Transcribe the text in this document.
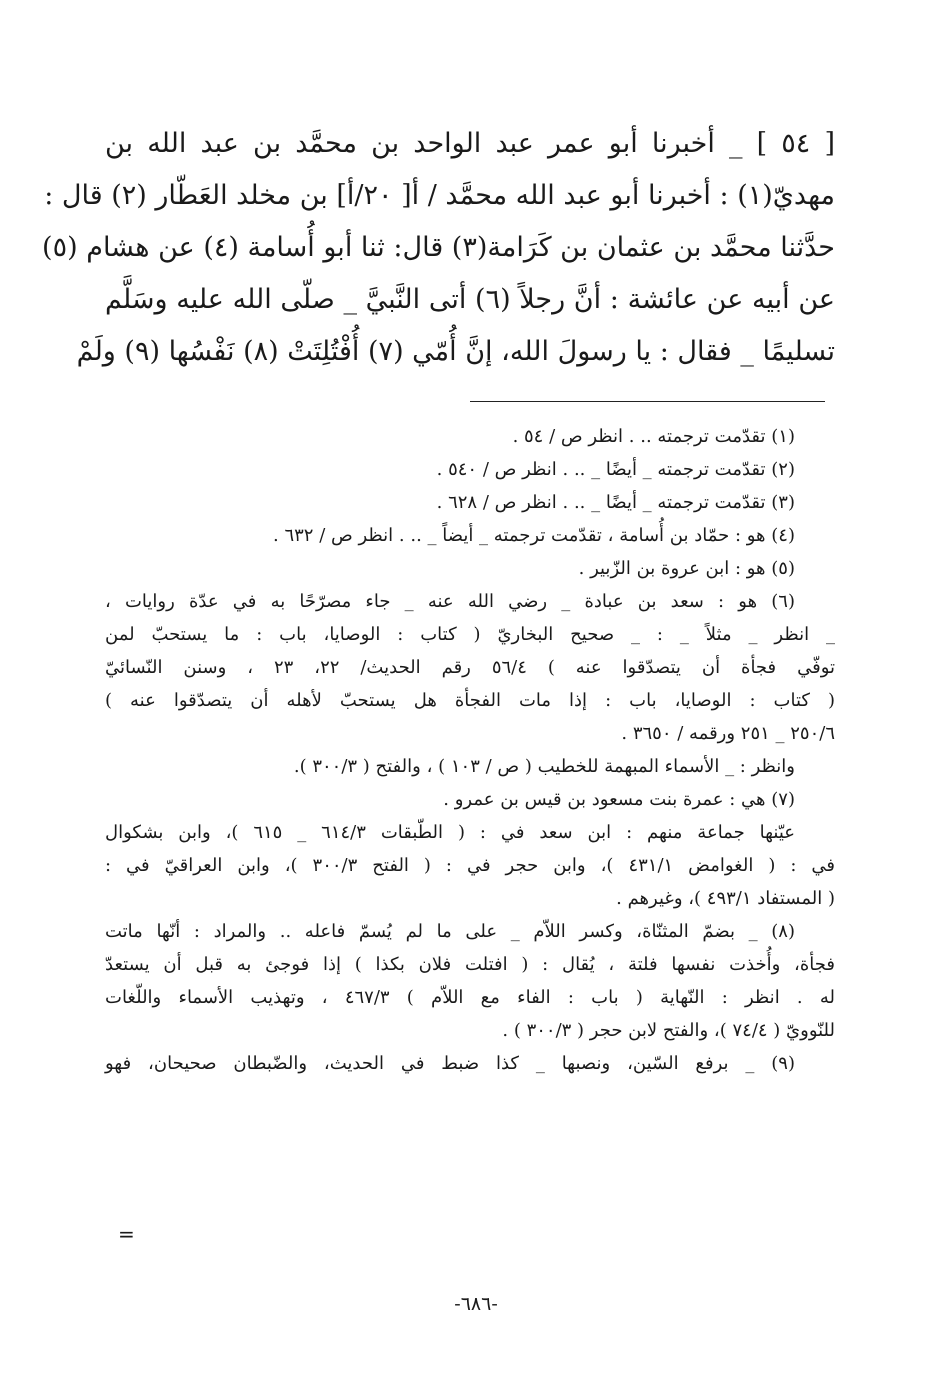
[ ٥٤ ] _ أخبرنا أبو عمر عبد الواحد بن محمَّد بن عبد الله بن
مهديّ(١) : أخبرنا أبو عبد الله محمَّد / أ[ ٢٠/أ] بن مخلد العَطّار (٢) قال :
حدَّثنا محمَّد بن عثمان بن كَرَامة(٣) قال: ثنا أبو أُسامة (٤) عن هشام (٥)
عن أبيه عن عائشة : أنَّ رجلاً (٦) أتى النَّبيَّ _ صلّى الله عليه وسَلَّم
تسليمًا _ فقال : يا رسولَ الله، إنَّ أُمّي (٧) أُفْتُلِتَتْ (٨) نَفْسُها (٩) ولَمْ
(١) تقدّمت ترجمته .. . انظر ص / ٥٤ .
(٢) تقدّمت ترجمته _ أيضًا _ .. . انظر ص / ٥٤٠ .
(٣) تقدّمت ترجمته _ أيضًا _ .. . انظر ص / ٦٢٨ .
(٤) هو : حمّاد بن أُسامة ، تقدّمت ترجمته _ أيضاً _ .. . انظر ص / ٦٣٢ .
(٥) هو : ابن عروة بن الزّبير .
(٦) هو : سعد بن عبادة _ رضي الله عنه _ جاء مصرّحًا به في عدّة روايات ،
_ انظر _ مثلاً _ : _ صحيح البخاريّ ( كتاب : الوصايا، باب : ما يستحبّ لمن
توفّي فجأة أن يتصدّقوا عنه ) ٥٦/٤ رقم الحديث/ ٢٢، ٢٣ ، وسنن النّسائيّ
( كتاب : الوصايا، باب : إذا مات الفجأة هل يستحبّ لأهله أن يتصدّقوا عنه )
٢٥٠/٦ _ ٢٥١ ورقمه / ٣٦٥٠ .
وانظر : _ الأسماء المبهمة للخطيب ( ص / ١٠٣ ) ، والفتح ( ٣٠٠/٣ ).
(٧) هي : عمرة بنت مسعود بن قيس بن عمرو .
عيّنها جماعة منهم : ابن سعد في : ( الطّبقات ٦١٤/٣ _ ٦١٥ )، وابن بشكوال
في : ( الغوامض ٤٣١/١ )، وابن حجر في : ( الفتح ٣٠٠/٣ )، وابن العراقيّ في :
( المستفاد ٤٩٣/١ )، وغيرهم .
(٨) _ بضمّ المثنّاة، وكسر اللاّم _ على ما لم يُسمّ فاعله .. والمراد : أنّها ماتت
فجأة، وأُخذت نفسها فلتة ، يُقال : ( افتلت فلان بكذا ) إذا فوجئ به قبل أن يستعدّ
له . انظر : النّهاية ( باب : الفاء مع اللاّم ) ٤٦٧/٣ ، وتهذيب الأسماء واللّغات
للنّوويّ ( ٧٤/٤ )، والفتح لابن حجر ( ٣٠٠/٣ ) .
(٩) _ برفع السّين، ونصبها _ كذا ضبط في الحديث، والضّبطان صحيحان، فهو
=
-٦٨٦-
